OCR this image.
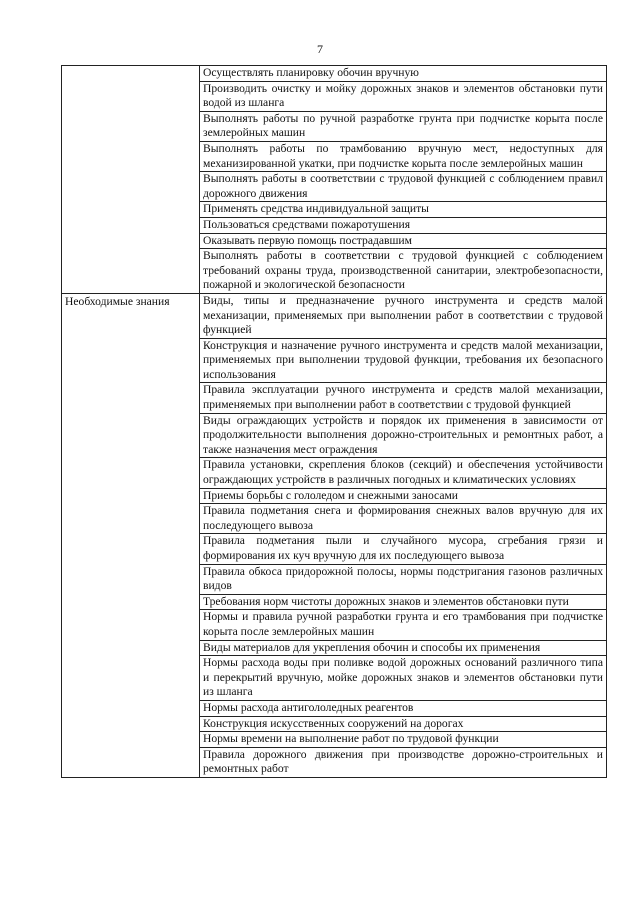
7

	Осуществлять планировку обочин вручную

	Производить очистку и мойку дорожных знаков и элементов обстановки пути водой из шланга

	Выполнять работы по ручной разработке грунта при подчистке корыта после землеройных машин

	Выполнять работы по трамбованию вручную мест, недоступных для механизированной укатки, при подчистке корыта после землеройных машин

	Выполнять работы в соответствии с трудовой функцией с соблюдением правил дорожного движения

	Применять средства индивидуальной защиты

	Пользоваться средствами пожаротушения

	Оказывать первую помощь пострадавшим

	Выполнять работы в соответствии с трудовой функцией с соблюдением требований охраны труда, производственной санитарии, электробезопасности, пожарной и экологической безопасности

Необходимые знания	Виды, типы и предназначение ручного инструмента и средств малой механизации, применяемых при выполнении работ в соответствии с трудовой функцией

	Конструкция и назначение ручного инструмента и средств малой механизации, применяемых при выполнении трудовой функции, требования их безопасного использования

	Правила эксплуатации ручного инструмента и средств малой механизации, применяемых при выполнении работ в соответствии с трудовой функцией

	Виды ограждающих устройств и порядок их применения в зависимости от продолжительности выполнения дорожно-строительных и ремонтных работ, а также назначения мест ограждения

	Правила установки, скрепления блоков (секций) и обеспечения устойчивости ограждающих устройств в различных погодных и климатических условиях

	Приемы борьбы с гололедом и снежными заносами

	Правила подметания снега и формирования снежных валов вручную для их последующего вывоза

	Правила подметания пыли и случайного мусора, сгребания грязи и формирования их куч вручную для их последующего вывоза

	Правила обкоса придорожной полосы, нормы подстригания газонов различных видов

	Требования норм чистоты дорожных знаков и элементов обстановки пути

	Нормы и правила ручной разработки грунта и его трамбования при подчистке корыта после землеройных машин

	Виды материалов для укрепления обочин и способы их применения

	Нормы расхода воды при поливке водой дорожных оснований различного типа и перекрытий вручную, мойке дорожных знаков и элементов обстановки пути из шланга

	Нормы расхода антигололедных реагентов

	Конструкция искусственных сооружений на дорогах

	Нормы времени на выполнение работ по трудовой функции

	Правила дорожного движения при производстве дорожно-строительных и ремонтных работ
